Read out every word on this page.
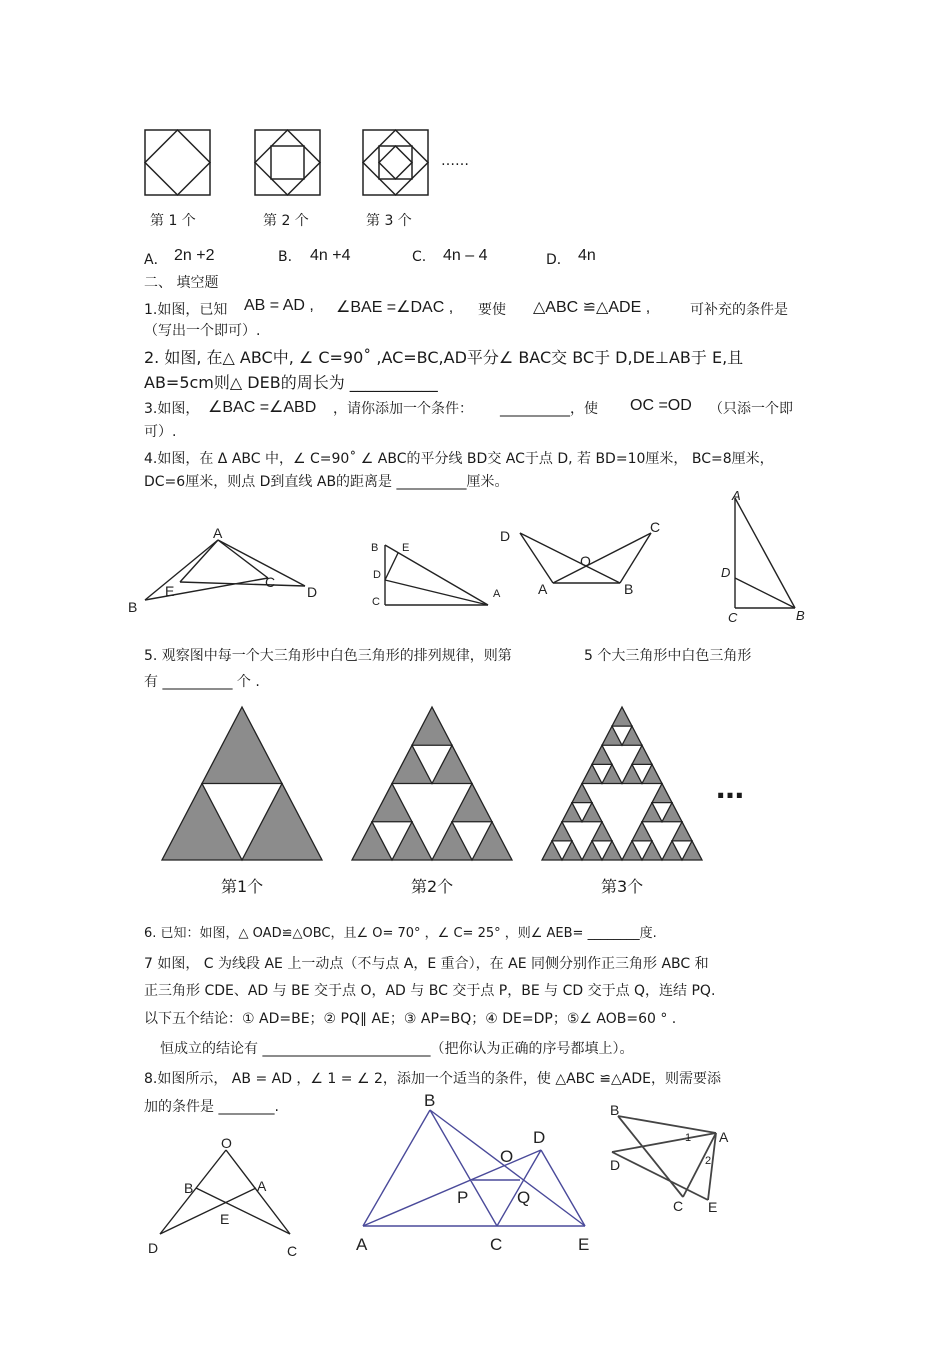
……
第 1 个	第 2 个	第 3 个
A． 2n +2	B. 4n +4	C. 4n – 4	D． 4n
二、 填空题
1.如图，已知 AB = AD , ∠BAE =∠DAC , 要使 △ABC ≌△ADE ,	可补充的条件是
（写出一个即可）.
2. 如图, 在△ ABC中, ∠ C=90˚ ,AC=BC,AD平分∠ BAC交 BC于 D,DE⊥AB于 E,且
AB=5cm则△ DEB的周长为 ___________
3.如图， ∠BAC =∠ABD ，请你添加一个条件： __________，使 OC =OD （只添一个即
可）.
4.如图，在 Δ ABC 中，∠ C=90˚ ∠ ABC的平分线 BD交 AC于点 D, 若 BD=10厘米， BC=8厘米，
DC=6厘米，则点 D到直线 AB的距离是 __________厘米。
A
B
E
C
D
B E
D
C
A
D
C
O
A	B
A
D
C	B
5. 观察图中每一个大三角形中白色三角形的排列规律，则第	5 个大三角形中白色三角形
有 __________ 个 .
…
第1个	第2个	第3个
6. 已知：如图，△ OAD≌△OBC，且∠ O= 70° ，∠ C= 25° ，则∠ AEB= ________度.
7 如图， C 为线段 AE 上一动点（不与点 A，E 重合），在 AE 同侧分别作正三角形 ABC 和
正三角形 CDE、AD 与 BE 交于点 O，AD 与 BC 交于点 P，BE 与 CD 交于点 Q，连结 PQ.
以下五个结论：① AD=BE；② PQ∥ AE；③ AP=BQ；④ DE=DP；⑤∠ AOB=60 ° .
恒成立的结论有 ________________________（把你认为正确的序号都填上）。
8.如图所示， AB = AD ，∠ 1 = ∠ 2，添加一个适当的条件，使 △ABC ≌△ADE，则需要添
加的条件是 ________.
O
B	A
E
D	C
B
D
O
P	Q
A	C	E
B
A
1
D	2
C E
